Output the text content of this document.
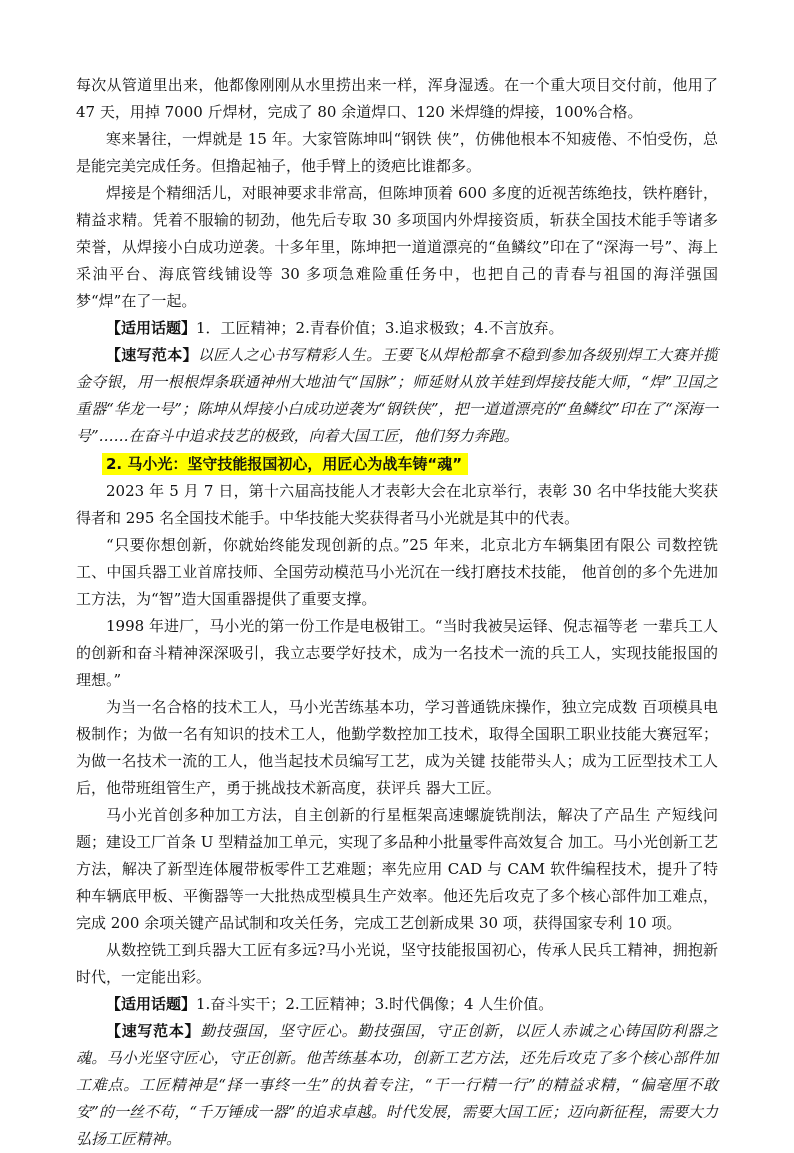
每次从管道里出来，他都像刚刚从水里捞出来一样，浑身湿透。在一个重大项目交付前，他用了 47 天，用掉 7000 斤焊材，完成了 80 余道焊口、120 米焊缝的焊接，100%合格。

寒来暑往，一焊就是 15 年。大家管陈坤叫“钢铁 侠”，仿佛他根本不知疲倦、不怕受伤，总是能完美完成任务。但撸起袖子，他手臂上的烫疤比谁都多。

焊接是个精细活儿，对眼神要求非常高，但陈坤顶着 600 多度的近视苦练绝技，铁杵磨针，精益求精。凭着不服输的韧劲，他先后专取 30 多项国内外焊接资质，斩获全国技术能手等诸多荣誉，从焊接小白成功逆袭。十多年里，陈坤把一道道漂亮的“鱼鳞纹”印在了“深海一号”、海上采油平台、海底管线铺设等 30 多项急难险重任务中，也把自己的青春与祖国的海洋强国梦“焊”在了一起。

【适用话题】1．工匠精神；2.青春价值；3.追求极致；4.不言放弃。

【速写范本】以匠人之心书写精彩人生。王要飞从焊枪都拿不稳到参加各级别焊工大赛并揽金夺银，用一根根焊条联通神州大地油气“国脉”；师延财从放羊娃到焊接技能大师，“焊”卫国之 重器“华龙一号”；陈坤从焊接小白成功逆袭为“钢铁侠”，把一道道漂亮的“鱼鳞纹”印在了“深海一号”……在奋斗中追求技艺的极致，向着大国工匠，他们努力奔跑。

2. 马小光：坚守技能报国初心，用匠心为战车铸“魂”

2023 年 5 月 7 日，第十六届高技能人才表彰大会在北京举行，表彰 30 名中华技能大奖获得者和 295 名全国技术能手。中华技能大奖获得者马小光就是其中的代表。

“只要你想创新，你就始终能发现创新的点。”25 年来，北京北方车辆集团有限公 司数控铣工、中国兵器工业首席技师、全国劳动模范马小光沉在一线打磨技术技能， 他首创的多个先进加工方法，为“智”造大国重器提供了重要支撑。

1998 年进厂，马小光的第一份工作是电极钳工。“当时我被吴运铎、倪志福等老 一辈兵工人的创新和奋斗精神深深吸引，我立志要学好技术，成为一名技术一流的兵工人，实现技能报国的理想。”

为当一名合格的技术工人，马小光苦练基本功，学习普通铣床操作，独立完成数 百项模具电极制作；为做一名有知识的技术工人，他勤学数控加工技术，取得全国职工职业技能大赛冠军；为做一名技术一流的工人，他当起技术员编写工艺，成为关键 技能带头人；成为工匠型技术工人后，他带班组管生产，勇于挑战技术新高度，获评兵 器大工匠。

马小光首创多种加工方法，自主创新的行星框架高速螺旋铣削法，解决了产品生 产短线问题；建设工厂首条 U 型精益加工单元，实现了多品种小批量零件高效复合 加工。马小光创新工艺方法，解决了新型连体履带板零件工艺难题；率先应用 CAD 与 CAM 软件编程技术，提升了特种车辆底甲板、平衡器等一大批热成型模具生产效率。他还先后攻克了多个核心部件加工难点，完成 200 余项关键产品试制和攻关任务，完成工艺创新成果 30 项，获得国家专利 10 项。

从数控铣工到兵器大工匠有多远?马小光说，坚守技能报国初心，传承人民兵工精神，拥抱新时代，一定能出彩。

【适用话题】1.奋斗实干；2.工匠精神；3.时代偶像；4 人生价值。

【速写范本】勤技强国，坚守匠心。勤技强国，守正创新，以匠人赤诚之心铸国防利器之魂。马小光坚守匠心，守正创新。他苦练基本功，创新工艺方法，还先后攻克了多个核心部件加工难点。工匠精神是“择一事终一生”的执着专注，“干一行精一行”的精益求精，“偏毫厘不敢安”的一丝不苟，“千万锤成一器”的追求卓越。时代发展，需要大国工匠；迈向新征程，需要大力弘扬工匠精神。
